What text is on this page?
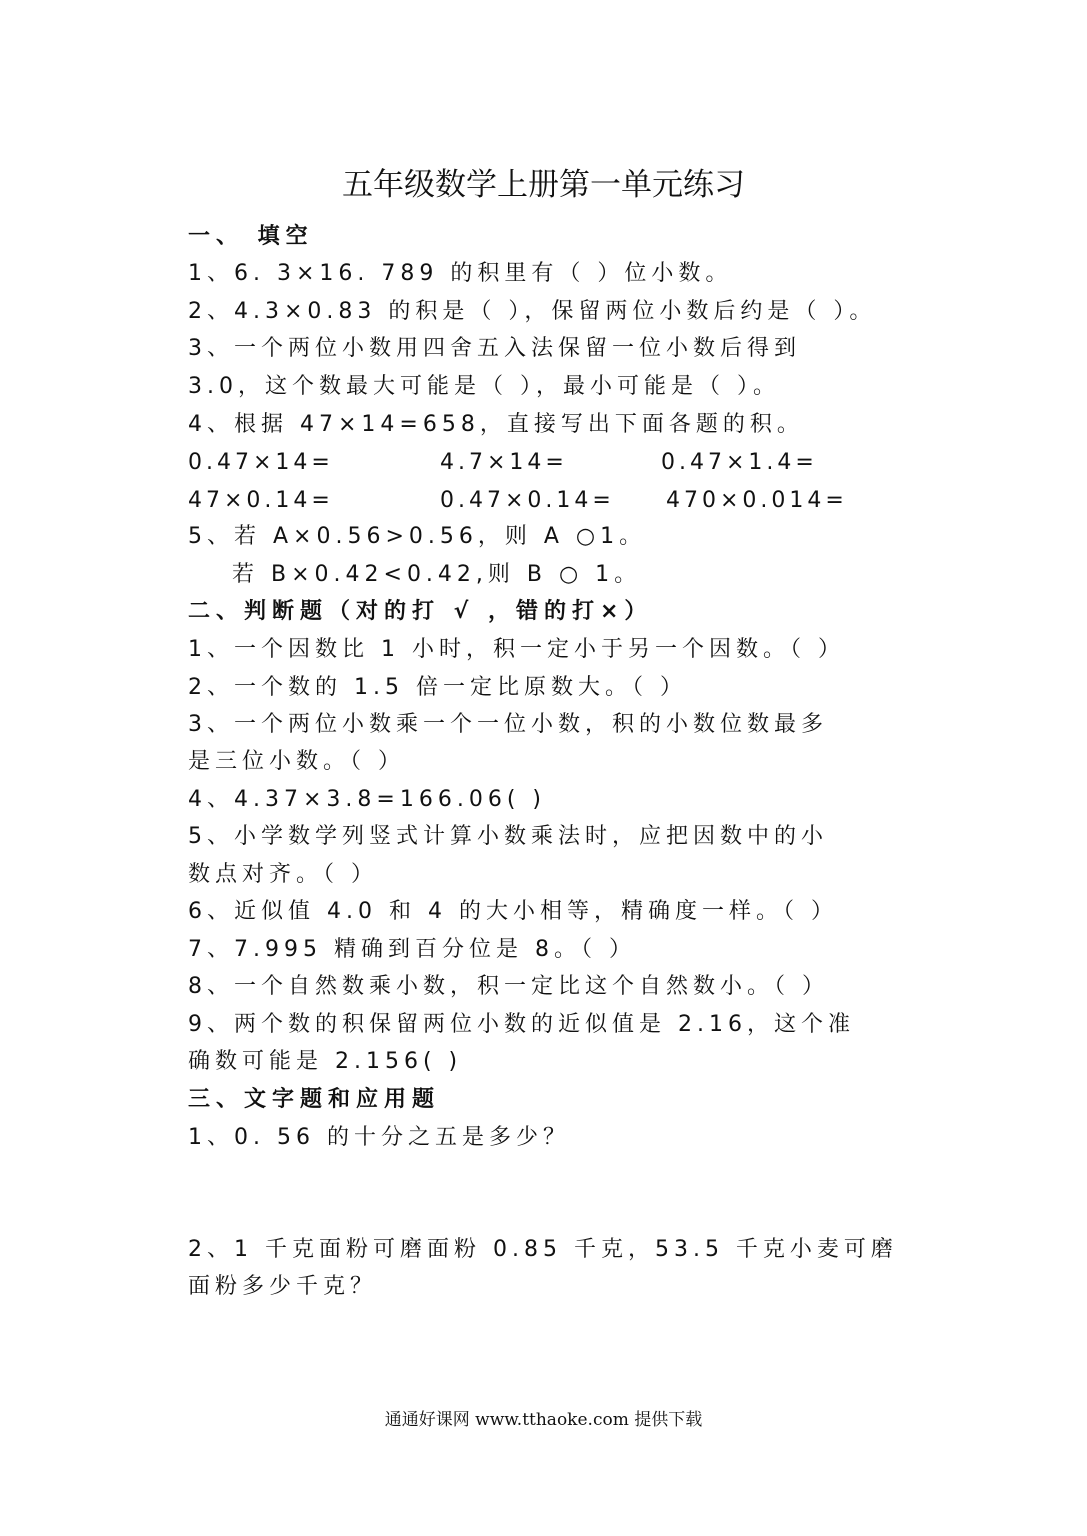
五年级数学上册第一单元练习
一、 填空
1、6. 3×16. 789 的积里有（ ）位小数。
2、4.3×0.83 的积是（ ），保留两位小数后约是（ ）。
3、一个两位小数用四舍五入法保留一位小数后得到
3.0，这个数最大可能是（ ），最小可能是（ ）。
4、根据 47×14=658，直接写出下面各题的积。
0.47×14=	4.7×14=	0.47×1.4=
47×0.14=	0.47×0.14= 470×0.014=
5、若 A×0.56>0.56，则 A ○1。
若 B×0.42<0.42,则 B ○ 1。
二、判断题（对的打 √ ，错的打×）
1、一个因数比 1 小时，积一定小于另一个因数。（ ）
2、一个数的 1.5 倍一定比原数大。（ ）
3、一个两位小数乘一个一位小数，积的小数位数最多
是三位小数。（ ）
4、4.37×3.8=166.06( )
5、小学数学列竖式计算小数乘法时，应把因数中的小
数点对齐。（ ）
6、近似值 4.0 和 4 的大小相等，精确度一样。（ ）
7、7.995 精确到百分位是 8。（ ）
8、一个自然数乘小数，积一定比这个自然数小。（ ）
9、两个数的积保留两位小数的近似值是 2.16，这个准
确数可能是 2.156( )
三、文字题和应用题
1、0. 56 的十分之五是多少？
2、1 千克面粉可磨面粉 0.85 千克，53.5 千克小麦可磨
面粉多少千克？
通通好课网 www.tthaoke.com 提供下载
